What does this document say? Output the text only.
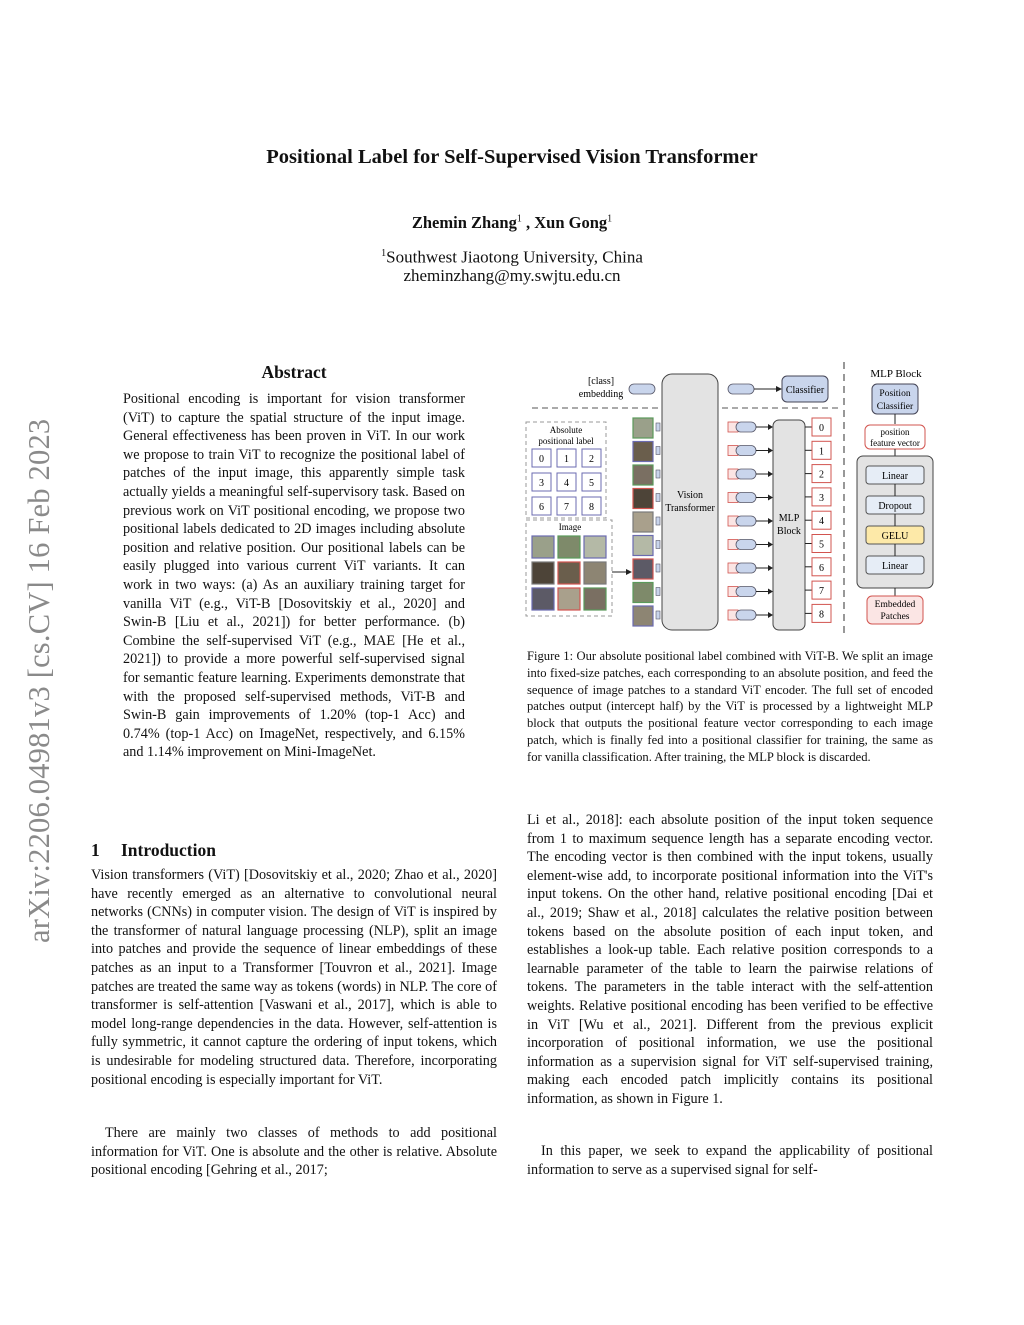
Positional Label for Self-Supervised Vision Transformer
Zhemin Zhang$^1$ , Xun Gong$^1$
$^1$Southwest Jiaotong University, China
zheminzhang@my.swjtu.edu.cn
arXiv:2206.04981v3 [cs.CV] 16 Feb 2023
Abstract
Positional encoding is important for vision transformer (ViT) to capture the spatial structure of the input image. General effectiveness has been proven in ViT. In our work we propose to train ViT to recognize the positional label of patches of the input image, this apparently simple task actually yields a meaningful self-supervisory task. Based on previous work on ViT positional encoding, we propose two positional labels dedicated to 2D images including absolute position and relative position. Our positional labels can be easily plugged into various current ViT variants. It can work in two ways: (a) As an auxiliary training target for vanilla ViT (e.g., ViT-B [Dosovitskiy et al., 2020] and Swin-B [Liu et al., 2021]) for better performance. (b) Combine the self-supervised ViT (e.g., MAE [He et al., 2021]) to provide a more powerful self-supervised signal for semantic feature learning. Experiments demonstrate that with the proposed self-supervised methods, ViT-B and Swin-B gain improvements of 1.20% (top-1 Acc) and 0.74% (top-1 Acc) on ImageNet, respectively, and 6.15% and 1.14% improvement on Mini-ImageNet.
1 Introduction

Vision transformers (ViT) [Dosovitskiy et al., 2020; Zhao et al., 2020] have recently emerged as an alternative to convolutional neural networks (CNNs) in computer vision. The design of ViT is inspired by the transformer of natural language processing (NLP), split an image into patches and provide the sequence of linear embeddings of these patches as an input to a Transformer [Touvron et al., 2021]. Image patches are treated the same way as tokens (words) in NLP. The core of transformer is self-attention [Vaswani et al., 2017], which is able to model long-range dependencies in the data. However, self-attention is fully symmetric, it cannot capture the ordering of input tokens, which is undesirable for modeling structured data. Therefore, incorporating positional encoding is especially important for ViT.

There are mainly two classes of methods to add positional information for ViT. One is absolute and the other is relative. Absolute positional encoding [Gehring et al., 2017;

Li et al., 2018]: each absolute position of the input token sequence from 1 to maximum sequence length has a separate encoding vector. The encoding vector is then combined with the input tokens, usually element-wise add, to incorporate positional information into the ViT's input tokens. On the other hand, relative positional encoding [Dai et al., 2019; Shaw et al., 2018] calculates the relative position between tokens based on the absolute position of each input token, and establishes a look-up table. Each relative position corresponds to a learnable parameter of the table to learn the pairwise relations of tokens. The parameters in the table interact with the self-attention weights. Relative positional encoding has been verified to be effective in ViT [Wu et al., 2021]. Different from the previous explicit incorporation of positional information, we use the positional information as a supervision signal for ViT self-supervised training, making each encoded patch implicitly contains its positional information, as shown in Figure 1.

In this paper, we seek to expand the applicability of positional information to serve as a supervised signal for self-

Figure 1: Our absolute positional label combined with ViT-B. We split an image into fixed-size patches, each corresponding to an absolute position, and feed the sequence of image patches to a standard ViT encoder. The full set of encoded patches output (intercept half) by the ViT is processed by a lightweight MLP block that outputs the positional feature vector corresponding to each image patch, which is finally fed into a positional classifier for training, the same as for vanilla classification. After training, the MLP block is discarded.
[class]
embedding
Absolute
positional label
0 1 2
3 4 5
6 7 8
Image
Vision
Transformer
Classifier
MLP
Block
0
1
2
3
4
5
6
7
8
MLP Block
Position
Classifier
position
feature vector
Linear
Dropout
GELU
Linear
Embedded
Patches
